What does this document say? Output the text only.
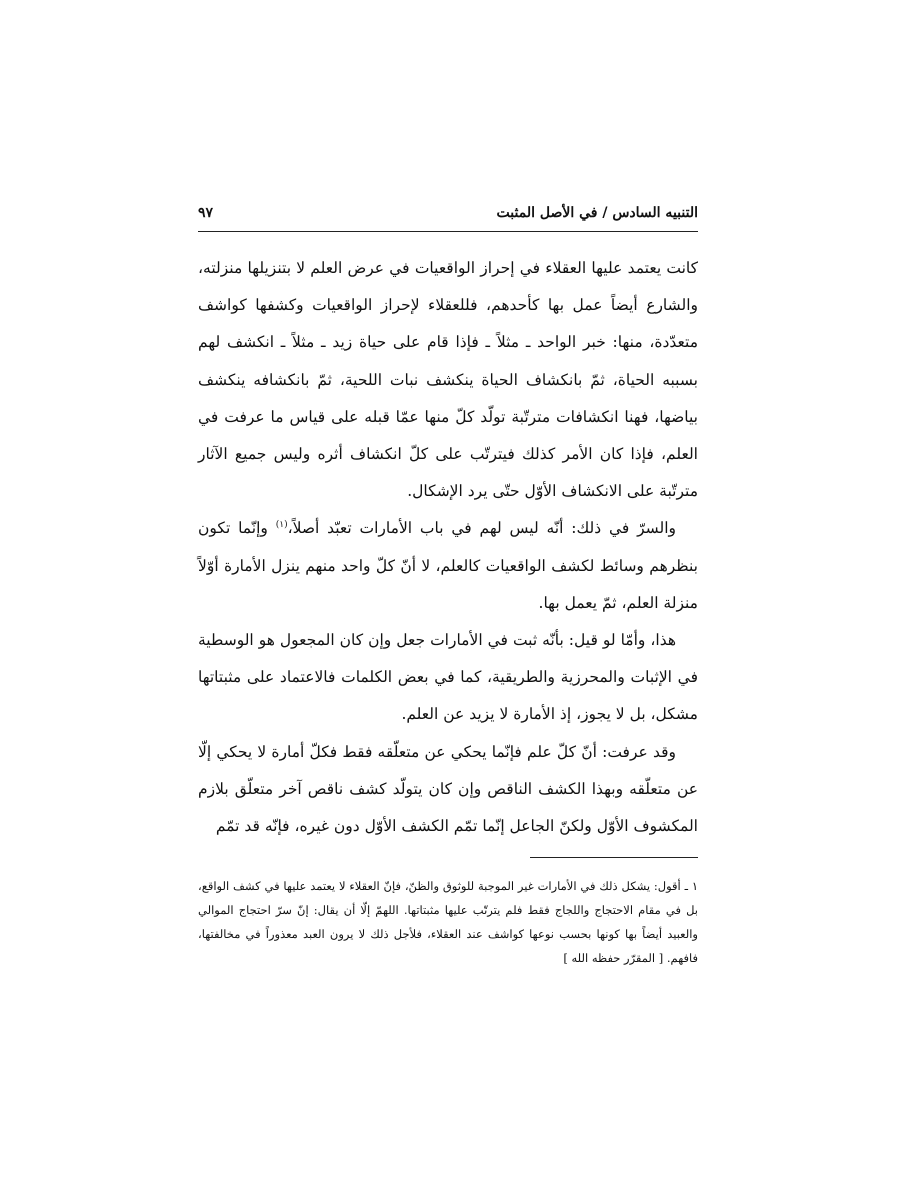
التنبيه السادس / في الأصل المثبت
٩٧

كانت يعتمد عليها العقلاء في إحراز الواقعيات في عرض العلم لا بتنزيلها منزلته، والشارع أيضاً عمل بها كأحدهم، فللعقلاء لإحراز الواقعيات وكشفها كواشف متعدّدة، منها: خبر الواحد ـ مثلاً ـ فإذا قام على حياة زيد ـ مثلاً ـ انكشف لهم بسببه الحياة، ثمّ بانكشاف الحياة ينكشف نبات اللحية، ثمّ بانكشافه ينكشف بياضها، فهنا انكشافات مترتّبة تولّد كلّ منها عمّا قبله على قياس ما عرفت في العلم، فإذا كان الأمر كذلك فيترتّب على كلّ انكشاف أثره وليس جميع الآثار مترتّبة على الانكشاف الأوّل حتّى يرد الإشكال.

والسرّ في ذلك: أنّه ليس لهم في باب الأمارات تعبّد أصلاً،$^{(١)}$ وإنّما تكون بنظرهم وسائط لكشف الواقعيات كالعلم، لا أنّ كلّ واحد منهم ينزل الأمارة أوّلاً منزلة العلم، ثمّ يعمل بها.

هذا، وأمّا لو قيل: بأنّه ثبت في الأمارات جعل وإن كان المجعول هو الوسطية في الإثبات والمحرزية والطريقية، كما في بعض الكلمات فالاعتماد على مثبتاتها مشكل، بل لا يجوز، إذ الأمارة لا يزيد عن العلم.

وقد عرفت: أنّ كلّ علم فإنّما يحكي عن متعلّقه فقط فكلّ أمارة لا يحكي إلّا عن متعلّقه وبهذا الكشف الناقص وإن كان يتولّد كشف ناقص آخر متعلّق بلازم المكشوف الأوّل ولكنّ الجاعل إنّما تمّم الكشف الأوّل دون غيره، فإنّه قد تمّم

١ ـ أقول: يشكل ذلك في الأمارات غير الموجبة للوثوق والظنّ، فإنّ العقلاء لا يعتمد عليها في كشف الواقع، بل في مقام الاحتجاج واللجاج فقط فلم يترتّب عليها مثبتاتها. اللهمّ إلّا أن يقال: إنّ سرّ احتجاج الموالي والعبيد أيضاً بها كونها بحسب نوعها كواشف عند العقلاء، فلأجل ذلك لا يرون العبد معذوراً في مخالفتها، فافهم. [ المقرّر حفظه الله ]
